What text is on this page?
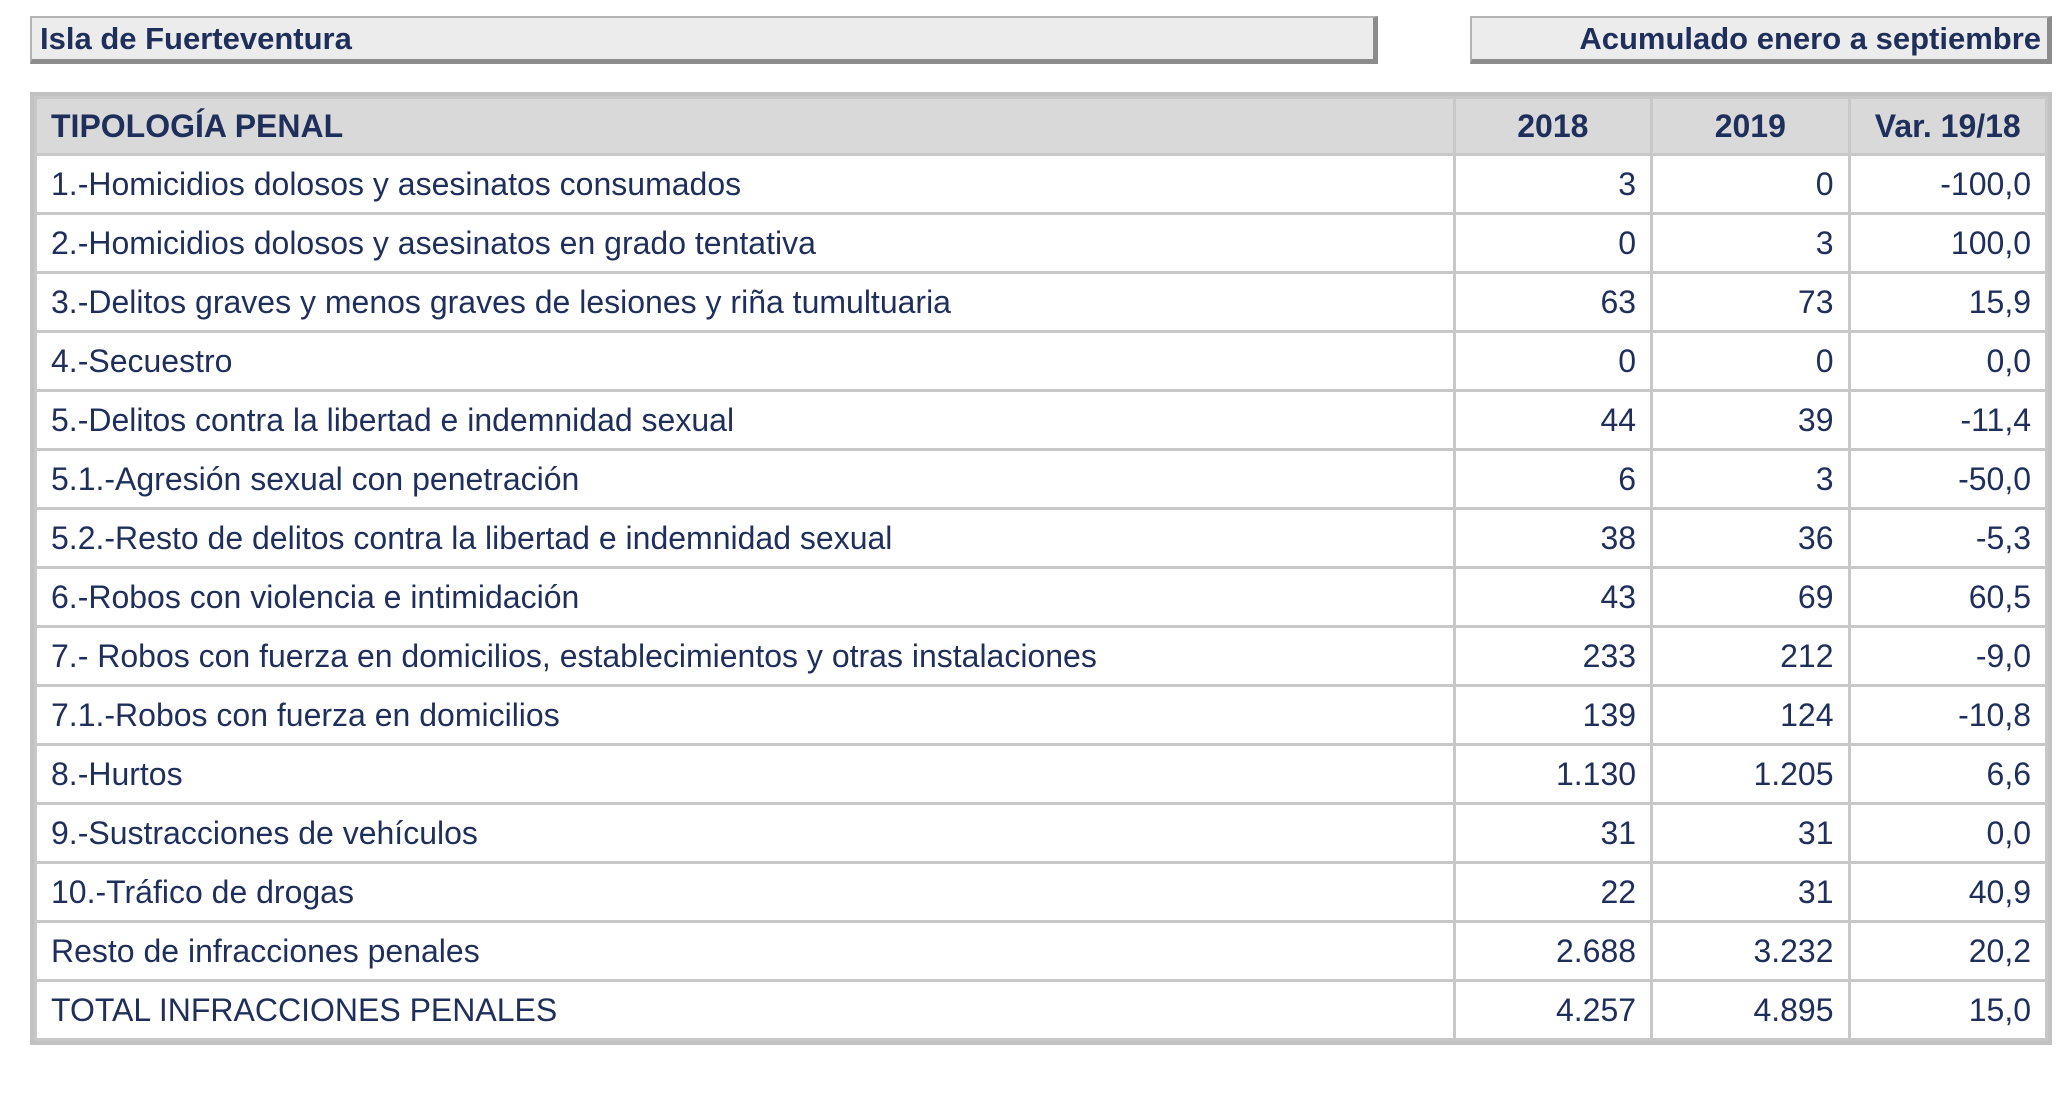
Isla de Fuerteventura	Acumulado enero a septiembre
TIPOLOGÍA PENAL	2018	2019	Var. 19/18
1.-Homicidios dolosos y asesinatos consumados	3	0	-100,0
2.-Homicidios dolosos y asesinatos en grado tentativa	0	3	100,0
3.-Delitos graves y menos graves de lesiones y riña tumultuaria	63	73	15,9
4.-Secuestro	0	0	0,0
5.-Delitos contra la libertad e indemnidad sexual	44	39	-11,4
5.1.-Agresión sexual con penetración	6	3	-50,0
5.2.-Resto de delitos contra la libertad e indemnidad sexual	38	36	-5,3
6.-Robos con violencia e intimidación	43	69	60,5
7.- Robos con fuerza en domicilios, establecimientos y otras instalaciones	233	212	-9,0
7.1.-Robos con fuerza en domicilios	139	124	-10,8
8.-Hurtos	1.130	1.205	6,6
9.-Sustracciones de vehículos	31	31	0,0
10.-Tráfico de drogas	22	31	40,9
Resto de infracciones penales	2.688	3.232	20,2
TOTAL INFRACCIONES PENALES	4.257	4.895	15,0
